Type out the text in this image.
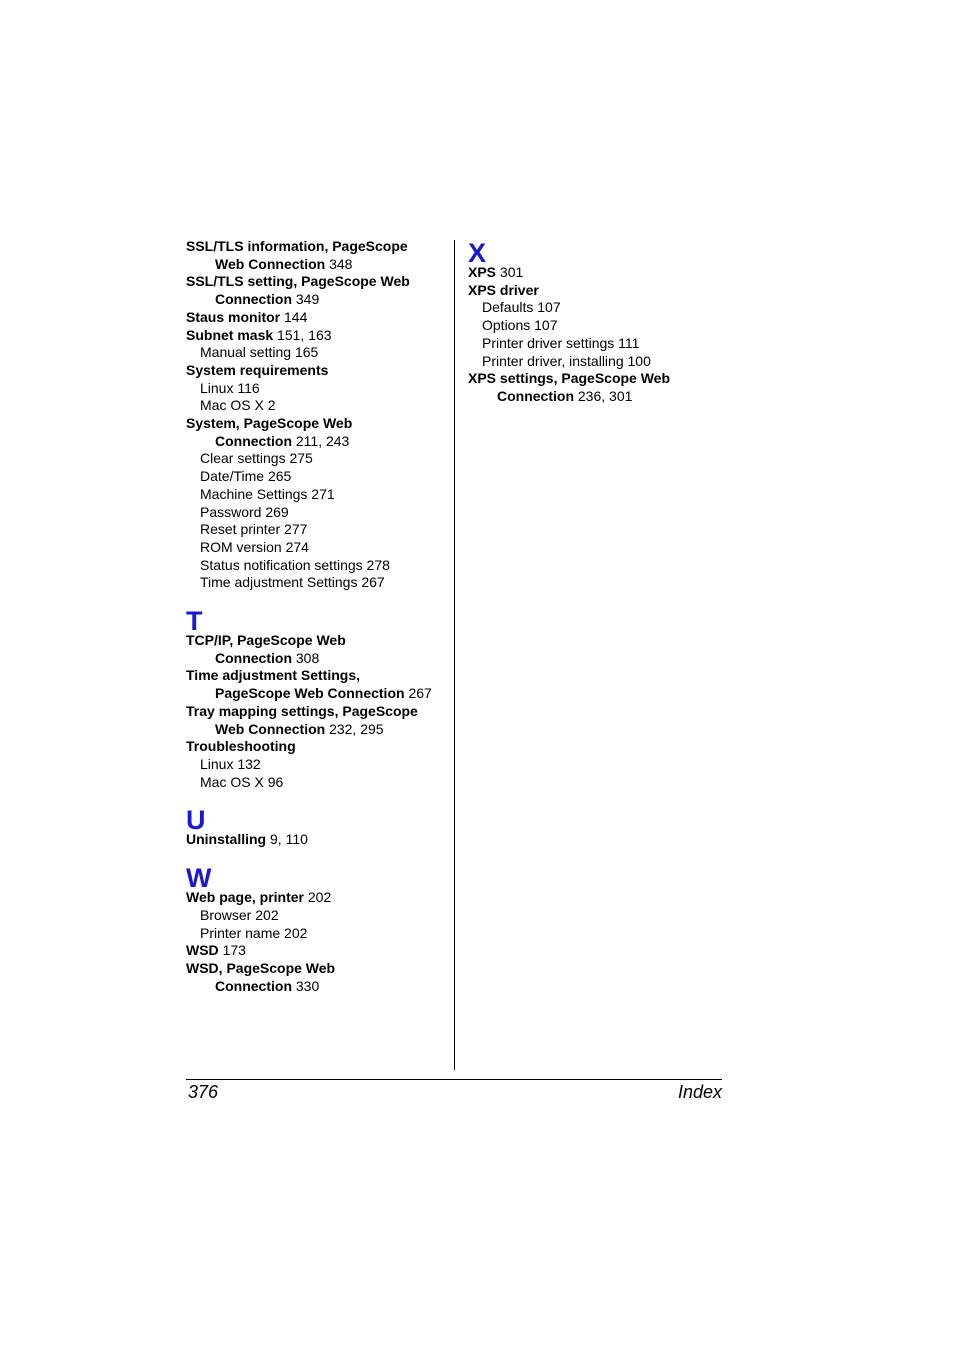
SSL/TLS information, PageScope
Web Connection 348
SSL/TLS setting, PageScope Web
Connection 349
Staus monitor 144
Subnet mask 151, 163
Manual setting 165
System requirements
Linux 116
Mac OS X 2
System, PageScope Web
Connection 211, 243
Clear settings 275
Date/Time 265
Machine Settings 271
Password 269
Reset printer 277
ROM version 274
Status notification settings 278
Time adjustment Settings 267
T
TCP/IP, PageScope Web
Connection 308
Time adjustment Settings,
PageScope Web Connection 267
Tray mapping settings, PageScope
Web Connection 232, 295
Troubleshooting
Linux 132
Mac OS X 96
U
Uninstalling 9, 110
W
Web page, printer 202
Browser 202
Printer name 202
WSD 173
WSD, PageScope Web
Connection 330
X
XPS 301
XPS driver
Defaults 107
Options 107
Printer driver settings 111
Printer driver, installing 100
XPS settings, PageScope Web
Connection 236, 301
376	Index
